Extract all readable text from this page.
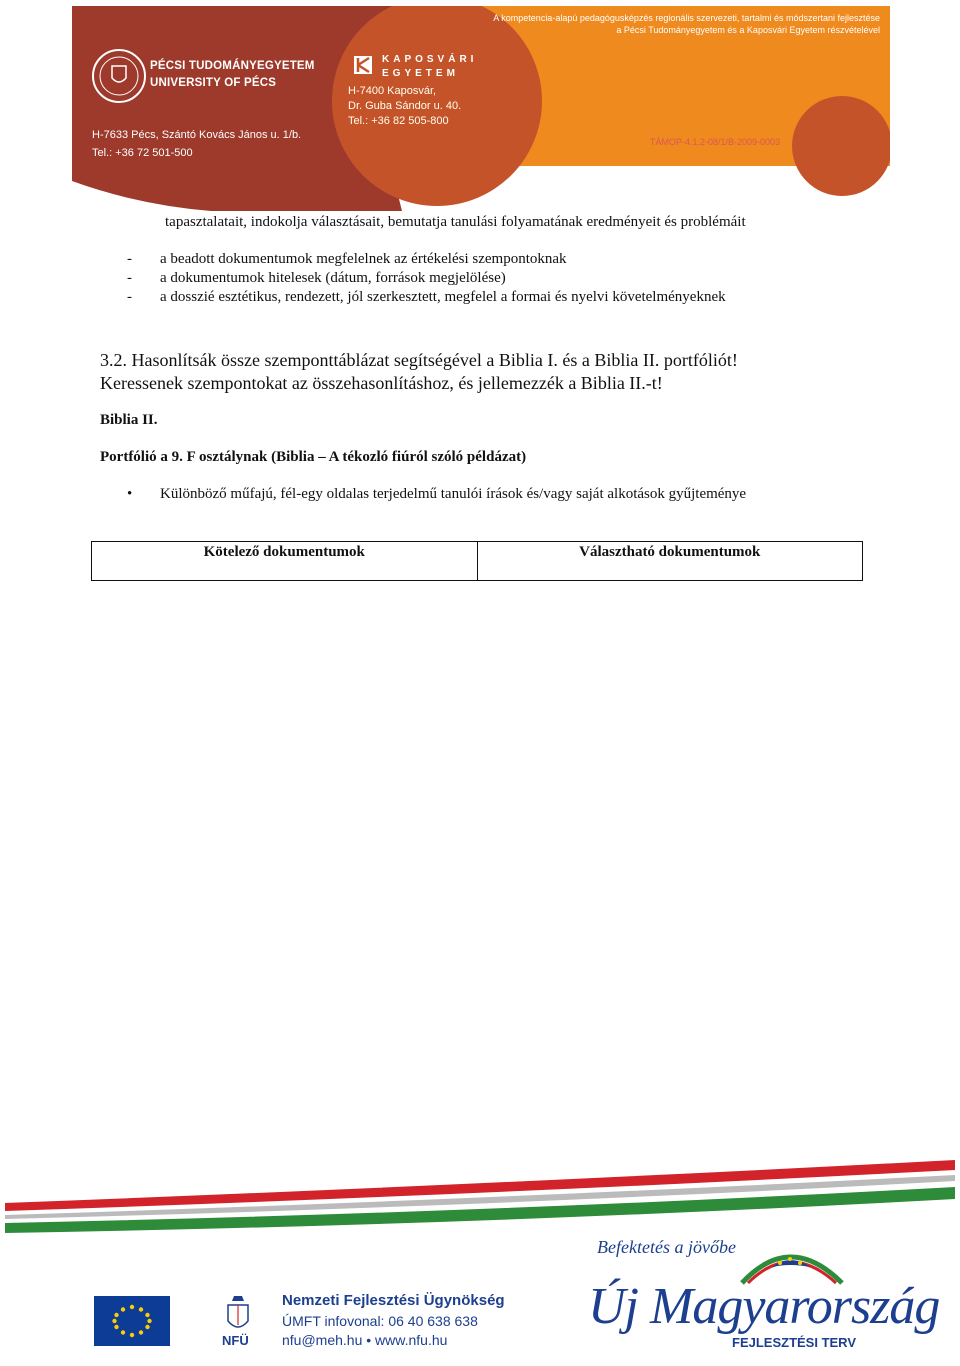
PÉCSI TUDOMÁNYEGYETEM
UNIVERSITY OF PÉCS
H-7633 Pécs, Szántó Kovács János u. 1/b.
Tel.: +36 72 501-500
KAPOSVÁRI
EGYETEM
H-7400 Kaposvár,
Dr. Guba Sándor u. 40.
Tel.: +36 82 505-800
A kompetencia-alapú pedagógusképzés regionális szervezeti, tartalmi és módszertani fejlesztése
a Pécsi Tudományegyetem és a Kaposvári Egyetem részvételével
TÁMOP-4.1.2-08/1/B-2009-0003
tapasztalatait, indokolja választásait, bemutatja tanulási folyamatának eredményeit és problémáit
- a beadott dokumentumok megfelelnek az értékelési szempontoknak
- a dokumentumok hitelesek (dátum, források megjelölése)
- a dosszié esztétikus, rendezett, jól szerkesztett, megfelel a formai és nyelvi követelményeknek
3.2. Hasonlítsák össze szemponttáblázat segítségével a Biblia I. és a Biblia II. portfóliót!
Keressenek szempontokat az összehasonlításhoz, és jellemezzék a Biblia II.-t!
Biblia II.
Portfólió a 9. F osztálynak (Biblia – A tékozló fiúról szóló példázat)
• Különböző műfajú, fél-egy oldalas terjedelmű tanulói írások és/vagy saját alkotások gyűjteménye
Kötelező dokumentumok	Választható dokumentumok
Nemzeti Fejlesztési Ügynökség
ÚMFT infovonal: 06 40 638 638
nfu@meh.hu • www.nfu.hu
NFÜ
Befektetés a jövőbe
Új Magyarország
FEJLESZTÉSI TERV
